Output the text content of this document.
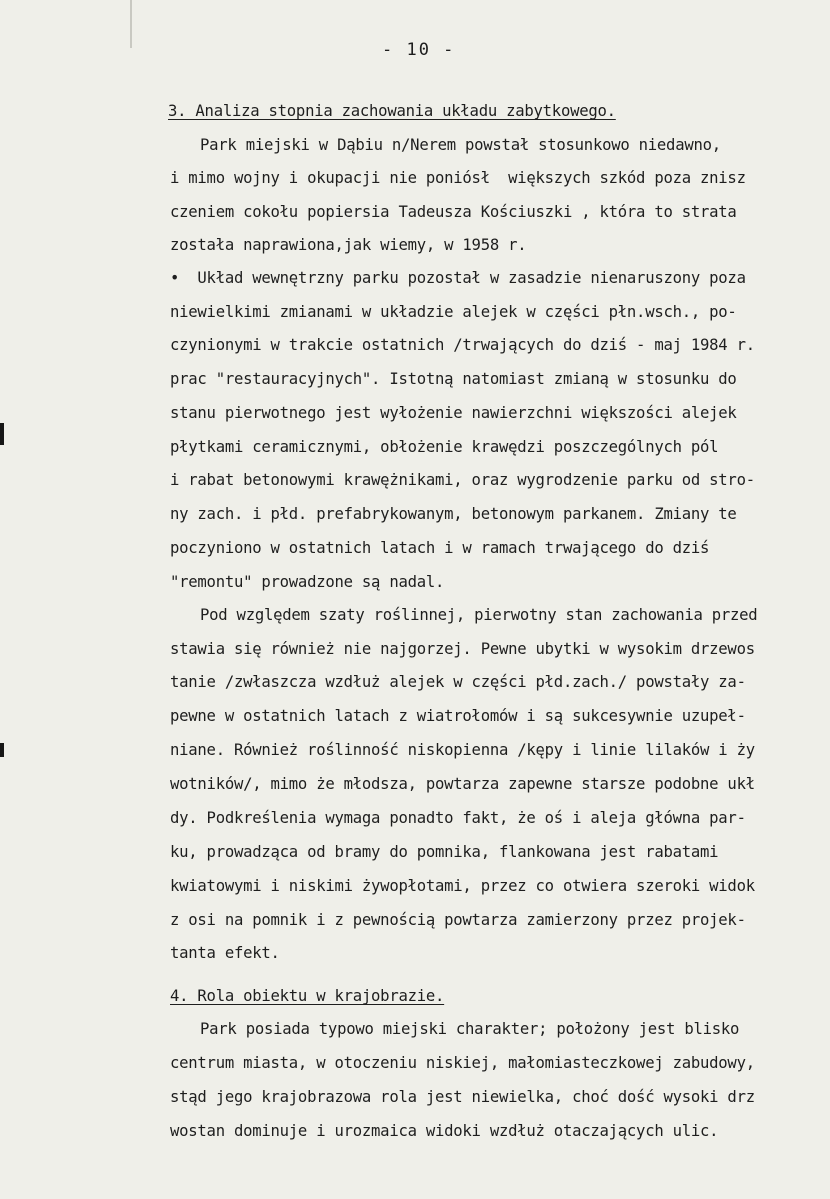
- 10 -
3. Analiza stopnia zachowania układu zabytkowego.
Park miejski w Dąbiu n/Nerem powstał stosunkowo niedawno,
i mimo wojny i okupacji nie poniósł  większych szkód poza znisz
czeniem cokołu popiersia Tadeusza Kościuszki , która to strata
została naprawiona,jak wiemy, w 1958 r.
•  Układ wewnętrzny parku pozostał w zasadzie nienaruszony poza
niewielkimi zmianami w układzie alejek w części płn.wsch., po-
czynionymi w trakcie ostatnich /trwających do dziś - maj 1984 r.
prac "restauracyjnych". Istotną natomiast zmianą w stosunku do
stanu pierwotnego jest wyłożenie nawierzchni większości alejek
płytkami ceramicznymi, obłożenie krawędzi poszczególnych pól
i rabat betonowymi krawężnikami, oraz wygrodzenie parku od stro-
ny zach. i płd. prefabrykowanym, betonowym parkanem. Zmiany te
poczyniono w ostatnich latach i w ramach trwającego do dziś
"remontu" prowadzone są nadal.
Pod względem szaty roślinnej, pierwotny stan zachowania przed
stawia się również nie najgorzej. Pewne ubytki w wysokim drzewos
tanie /zwłaszcza wzdłuż alejek w części płd.zach./ powstały za-
pewne w ostatnich latach z wiatrołomów i są sukcesywnie uzupeł-
niane. Również roślinność niskopienna /kępy i linie lilaków i ży
wotników/, mimo że młodsza, powtarza zapewne starsze podobne ukł
dy. Podkreślenia wymaga ponadto fakt, że oś i aleja główna par-
ku, prowadząca od bramy do pomnika, flankowana jest rabatami
kwiatowymi i niskimi żywopłotami, przez co otwiera szeroki widok
z osi na pomnik i z pewnością powtarza zamierzony przez projek-
tanta efekt.
4. Rola obiektu w krajobrazie.
Park posiada typowo miejski charakter; położony jest blisko
centrum miasta, w otoczeniu niskiej, małomiasteczkowej zabudowy,
stąd jego krajobrazowa rola jest niewielka, choć dość wysoki drz
wostan dominuje i urozmaica widoki wzdłuż otaczających ulic.
